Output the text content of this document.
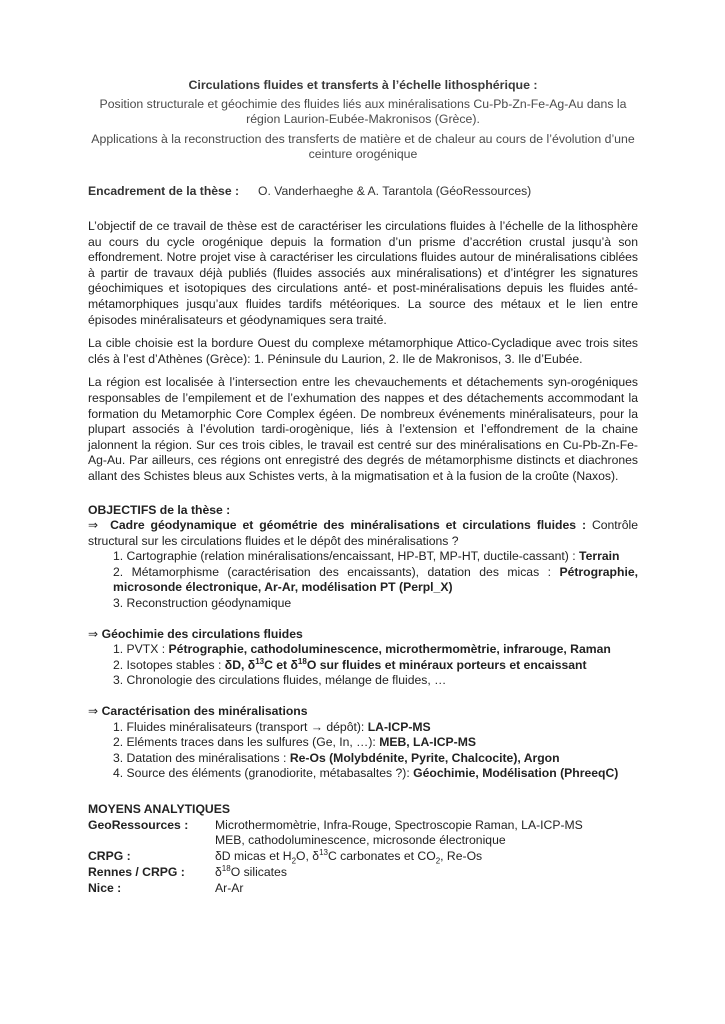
Circulations fluides et transferts à l’échelle lithosphérique :
Position structurale et géochimie des fluides liés aux minéralisations Cu-Pb-Zn-Fe-Ag-Au dans la région Laurion-Eubée-Makronisos (Grèce).
Applications à la reconstruction des transferts de matière et de chaleur au cours de l’évolution d’une ceinture orogénique
Encadrement de la thèse : O. Vanderhaeghe & A. Tarantola (GéoRessources)

L’objectif de ce travail de thèse est de caractériser les circulations fluides à l’échelle de la lithosphère au cours du cycle orogénique depuis la formation d’un prisme d’accrétion crustal jusqu’à son effondrement. Notre projet vise à caractériser les circulations fluides autour de minéralisations ciblées à partir de travaux déjà publiés (fluides associés aux minéralisations) et d’intégrer les signatures géochimiques et isotopiques des circulations anté- et post-minéralisations depuis les fluides anté-métamorphiques jusqu’aux fluides tardifs météoriques. La source des métaux et le lien entre épisodes minéralisateurs et géodynamiques sera traité.

La cible choisie est la bordure Ouest du complexe métamorphique Attico-Cycladique avec trois sites clés à l’est d’Athènes (Grèce): 1. Péninsule du Laurion, 2. Ile de Makronisos, 3. Ile d’Eubée.

La région est localisée à l’intersection entre les chevauchements et détachements syn-orogéniques responsables de l’empilement et de l’exhumation des nappes et des détachements accommodant la formation du Metamorphic Core Complex égéen. De nombreux événements minéralisateurs, pour la plupart associés à l’évolution tardi-orogènique, liés à l’extension et l’effondrement de la chaine jalonnent la région. Sur ces trois cibles, le travail est centré sur des minéralisations en Cu-Pb-Zn-Fe-Ag-Au. Par ailleurs, ces régions ont enregistré des degrés de métamorphisme distincts et diachrones allant des Schistes bleus aux Schistes verts, à la migmatisation et à la fusion de la croûte (Naxos).

OBJECTIFS de la thèse :
⇒ Cadre géodynamique et géométrie des minéralisations et circulations fluides : Contrôle structural sur les circulations fluides et le dépôt des minéralisations ?
1. Cartographie (relation minéralisations/encaissant, HP-BT, MP-HT, ductile-cassant) : Terrain
2. Métamorphisme (caractérisation des encaissants), datation des micas : Pétrographie, microsonde électronique, Ar-Ar, modélisation PT (Perpl_X)
3. Reconstruction géodynamique
⇒ Géochimie des circulations fluides
1. PVTX : Pétrographie, cathodoluminescence, microthermomètrie, infrarouge, Raman
2. Isotopes stables : δD, $\delta^{13}C$ et $\delta^{18}O$ sur fluides et minéraux porteurs et encaissant
3. Chronologie des circulations fluides, mélange de fluides, …
⇒ Caractérisation des minéralisations
1. Fluides minéralisateurs (transport → dépôt): LA-ICP-MS
2. Eléments traces dans les sulfures (Ge, In, …): MEB, LA-ICP-MS
3. Datation des minéralisations : Re-Os (Molybdénite, Pyrite, Chalcocite), Argon
4. Source des éléments (granodiorite, métabasaltes ?): Géochimie, Modélisation (PhreeqC)
MOYENS ANALYTIQUES
GeoRessources :	Microthermomètrie, Infra-Rouge, Spectroscopie Raman, LA-ICP-MS
MEB, cathodoluminescence, microsonde électronique
CRPG :	δD micas et $H_2O$, $\delta^{13}C$ carbonates et $CO_2$, Re-Os
Rennes / CRPG :	$\delta^{18}O$ silicates
Nice :	Ar-Ar
